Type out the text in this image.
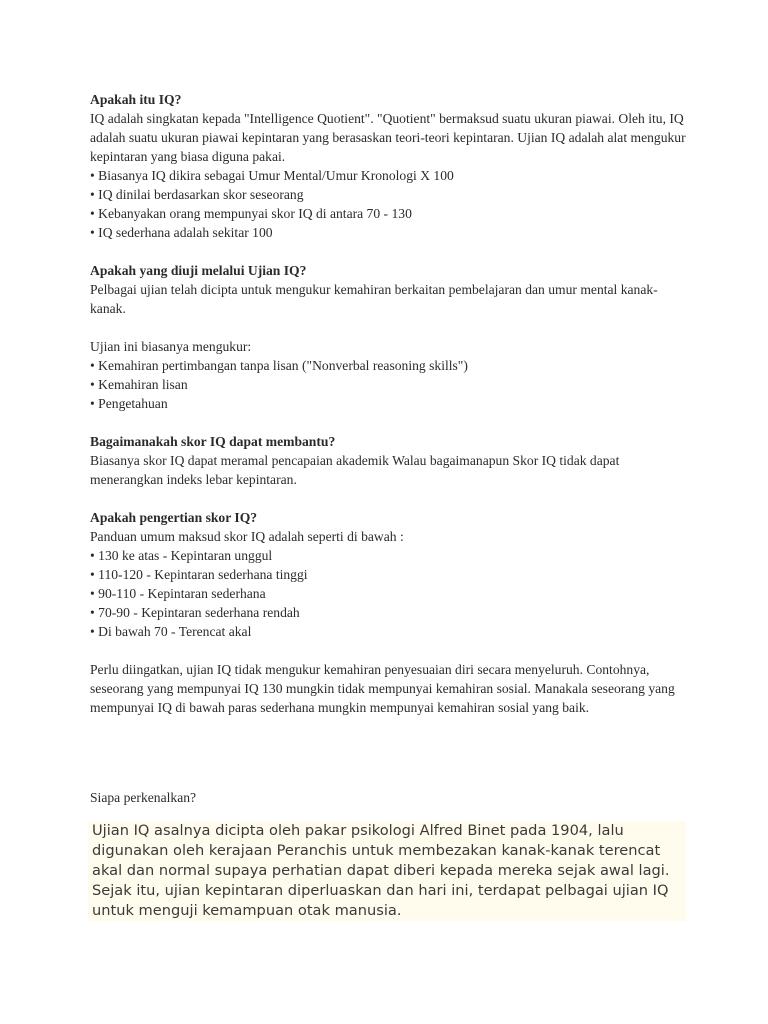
Apakah itu IQ?

IQ adalah singkatan kepada "Intelligence Quotient". "Quotient" bermaksud suatu ukuran piawai. Oleh itu, IQ adalah suatu ukuran piawai kepintaran yang berasaskan teori-teori kepintaran. Ujian IQ adalah alat mengukur kepintaran yang biasa diguna pakai.

• Biasanya IQ dikira sebagai Umur Mental/Umur Kronologi X 100
• IQ dinilai berdasarkan skor seseorang
• Kebanyakan orang mempunyai skor IQ di antara 70 - 130
• IQ sederhana adalah sekitar 100
Apakah yang diuji melalui Ujian IQ?

Pelbagai ujian telah dicipta untuk mengukur kemahiran berkaitan pembelajaran dan umur mental kanak-kanak.

Ujian ini biasanya mengukur:

• Kemahiran pertimbangan tanpa lisan ("Nonverbal reasoning skills")
• Kemahiran lisan
• Pengetahuan
Bagaimanakah skor IQ dapat membantu?

Biasanya skor IQ dapat meramal pencapaian akademik Walau bagaimanapun Skor IQ tidak dapat menerangkan indeks lebar kepintaran.

Apakah pengertian skor IQ?

Panduan umum maksud skor IQ adalah seperti di bawah :

• 130 ke atas - Kepintaran unggul
• 110-120 - Kepintaran sederhana tinggi
• 90-110 - Kepintaran sederhana
• 70-90 - Kepintaran sederhana rendah
• Di bawah 70 - Terencat akal

Perlu diingatkan, ujian IQ tidak mengukur kemahiran penyesuaian diri secara menyeluruh. Contohnya, seseorang yang mempunyai IQ 130 mungkin tidak mempunyai kemahiran sosial. Manakala seseorang yang mempunyai IQ di bawah paras sederhana mungkin mempunyai kemahiran sosial yang baik.

Siapa perkenalkan?

Ujian IQ asalnya dicipta oleh pakar psikologi Alfred Binet pada 1904, lalu digunakan oleh kerajaan Peranchis untuk membezakan kanak-kanak terencat akal dan normal supaya perhatian dapat diberi kepada mereka sejak awal lagi. Sejak itu, ujian kepintaran diperluaskan dan hari ini, terdapat pelbagai ujian IQ untuk menguji kemampuan otak manusia.
